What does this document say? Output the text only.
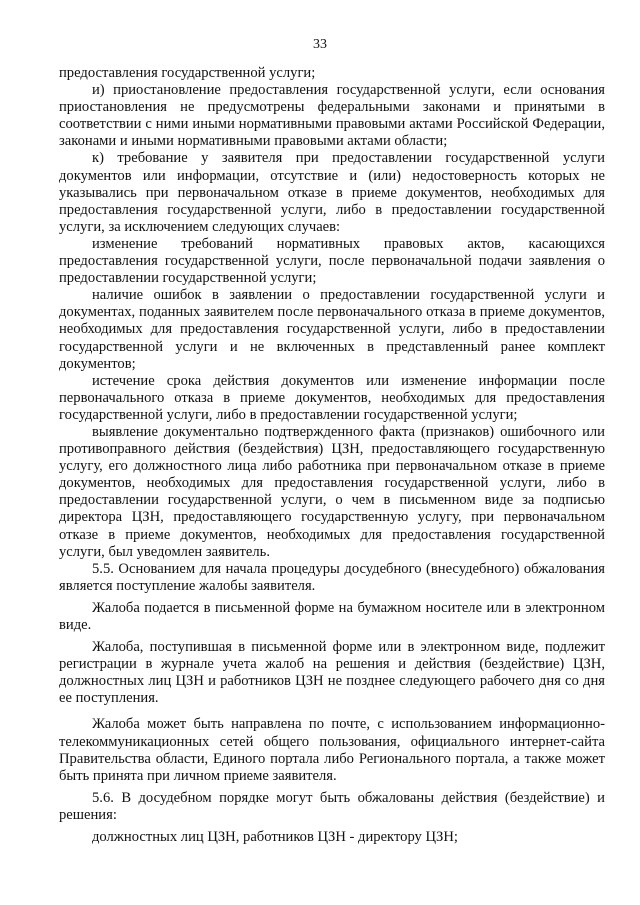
33

предоставления государственной услуги;

и) приостановление предоставления государственной услуги, если основания приостановления не предусмотрены федеральными законами и принятыми в соответствии с ними иными нормативными правовыми актами Российской Федерации, законами и иными нормативными правовыми актами области;

к) требование у заявителя при предоставлении государственной услуги документов или информации, отсутствие и (или) недостоверность которых не указывались при первоначальном отказе в приеме документов, необходимых для предоставления государственной услуги, либо в предоставлении государственной услуги, за исключением следующих случаев:

изменение требований нормативных правовых актов, касающихся предоставления государственной услуги, после первоначальной подачи заявления о предоставлении государственной услуги;

наличие ошибок в заявлении о предоставлении государственной услуги и документах, поданных заявителем после первоначального отказа в приеме документов, необходимых для предоставления государственной услуги, либо в предоставлении государственной услуги и не включенных в представленный ранее комплект документов;

истечение срока действия документов или изменение информации после первоначального отказа в приеме документов, необходимых для предоставления государственной услуги, либо в предоставлении государственной услуги;

выявление документально подтвержденного факта (признаков) ошибочного или противоправного действия (бездействия) ЦЗН, предоставляющего государственную услугу, его должностного лица либо работника при первоначальном отказе в приеме документов, необходимых для предоставления государственной услуги, либо в предоставлении государственной услуги, о чем в письменном виде за подписью директора ЦЗН, предоставляющего государственную услугу, при первоначальном отказе в приеме документов, необходимых для предоставления государственной услуги, был уведомлен заявитель.

5.5. Основанием для начала процедуры досудебного (внесудебного) обжалования является поступление жалобы заявителя.

Жалоба подается в письменной форме на бумажном носителе или в электронном виде.

Жалоба, поступившая в письменной форме или в электронном виде, подлежит регистрации в журнале учета жалоб на решения и действия (бездействие) ЦЗН, должностных лиц ЦЗН и работников ЦЗН не позднее следующего рабочего дня со дня ее поступления.

Жалоба может быть направлена по почте, с использованием информационно-телекоммуникационных сетей общего пользования, официального интернет-сайта Правительства области, Единого портала либо Регионального портала, а также может быть принята при личном приеме заявителя.

5.6. В досудебном порядке могут быть обжалованы действия (бездействие) и решения:

должностных лиц ЦЗН, работников ЦЗН - директору ЦЗН;
